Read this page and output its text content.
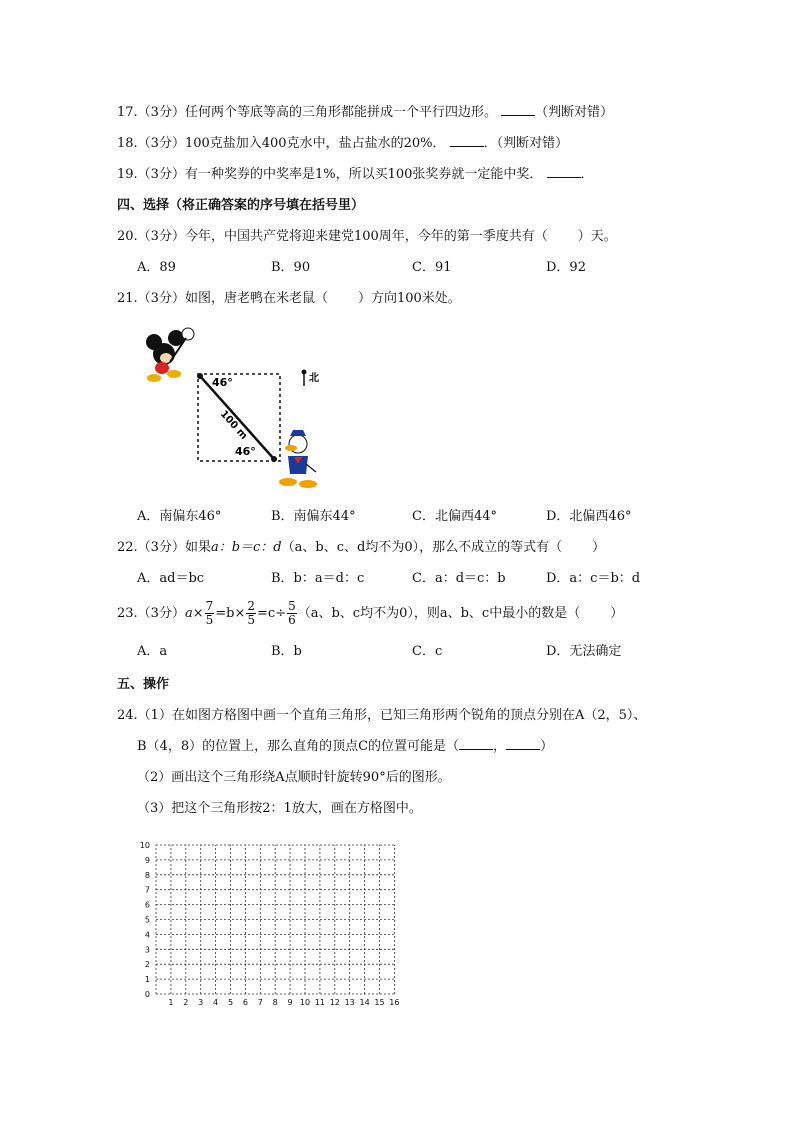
17.（3分）任何两个等底等高的三角形都能拼成一个平行四边形。	（判断对错）
18.（3分）100克盐加入400克水中，盐占盐水的20%．	．（判断对错）
19.（3分）有一种奖券的中奖率是1%，所以买100张奖券就一定能中奖．	．
四、选择（将正确答案的序号填在括号里）
20.（3分）今年，中国共产党将迎来建党100周年，今年的第一季度共有（ ）天。
A．89	B．90	C．91	D．92
21.（3分）如图，唐老鸭在米老鼠（ ）方向100米处。
46°
46°
100 m
北
A．南偏东46°	B．南偏东44°	C．北偏西44°	D．北偏西46°
22.（3分）如果a：b＝c：d（a、b、c、d均不为0），那么不成立的等式有（ ）
A．ad＝bc	B．b：a＝d：c	C．a：d＝c：b	D．a：c＝b：d
23.（3分）$a\times \frac{7}{5} =b\times \frac{2}{5} =c\div \frac{5}{6} (a$、b、c均不为0），则a、b、c中最小的数是（ ）
A．a	B．b	C．c	D．无法确定
五、操作
24.（1）在如图方格图中画一个直角三角形，已知三角形两个锐角的顶点分别在A（2，5）、
B（4，8）的位置上，那么直角的顶点C的位置可能是（	，	）
（2）画出这个三角形绕A点顺时针旋转90°后的图形。
（3）把这个三角形按2：1放大，画在方格图中。
10
9
8
7
6
5
4
3
2
1
0
1 2 3 4 5 6 7 8 9 10 11 12 13 14 15 16
